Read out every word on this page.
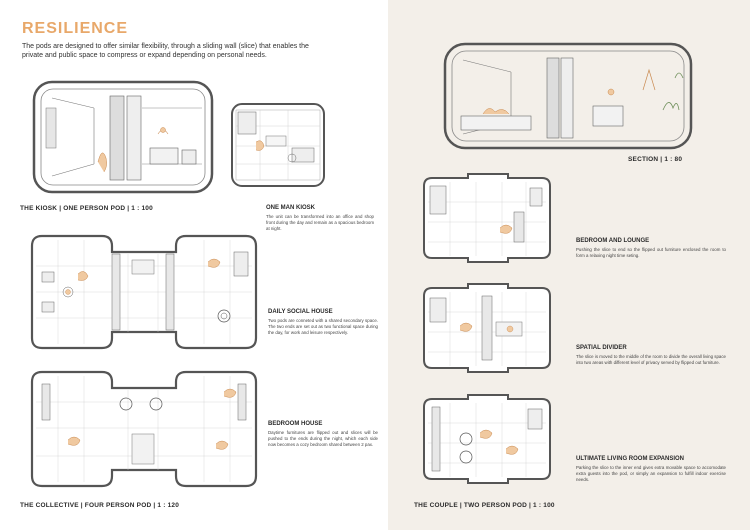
RESILIENCE
The pods are designed to offer similar flexibility, through a sliding wall (slice) that enables the private and public space to compress or expand depending on personal needs.
THE KIOSK | ONE PERSON POD | 1 : 100	ONE MAN KIOSK
The unit can be transformed into an office and shop front during the day and remain as a spacious bedroom at night.
DAILY SOCIAL HOUSE
Two pods are conneted with a shared secondary space. The two ends are set out as two functional space during the day, for work and leisure respectively.
BEDROOM HOUSE
Daytime furnitures are flipped out and slices will be pushed to the ends during the night, which each side now becomes a cozy bedroom shared between 2 pax.
THE COLLECTIVE | FOUR PERSON POD | 1 : 120
SECTION | 1 : 80
BEDROOM AND LOUNGE
Pushing the slice to end so the flipped out furniture enclosed the room to form a relaxing night time seting.
SPATIAL DIVIDER
The slice is moved to the middle of the room to divide the overall living space into two areas with different level of privacy served by flipped out furniture.
ULTIMATE LIVING ROOM EXPANSION
Parking the slice to the inner end gives extra movable space to accomodate extra guests into the pod, or simply an expansion to fulfill indoor exercise needs.
THE COUPLE | TWO PERSON POD | 1 : 100
